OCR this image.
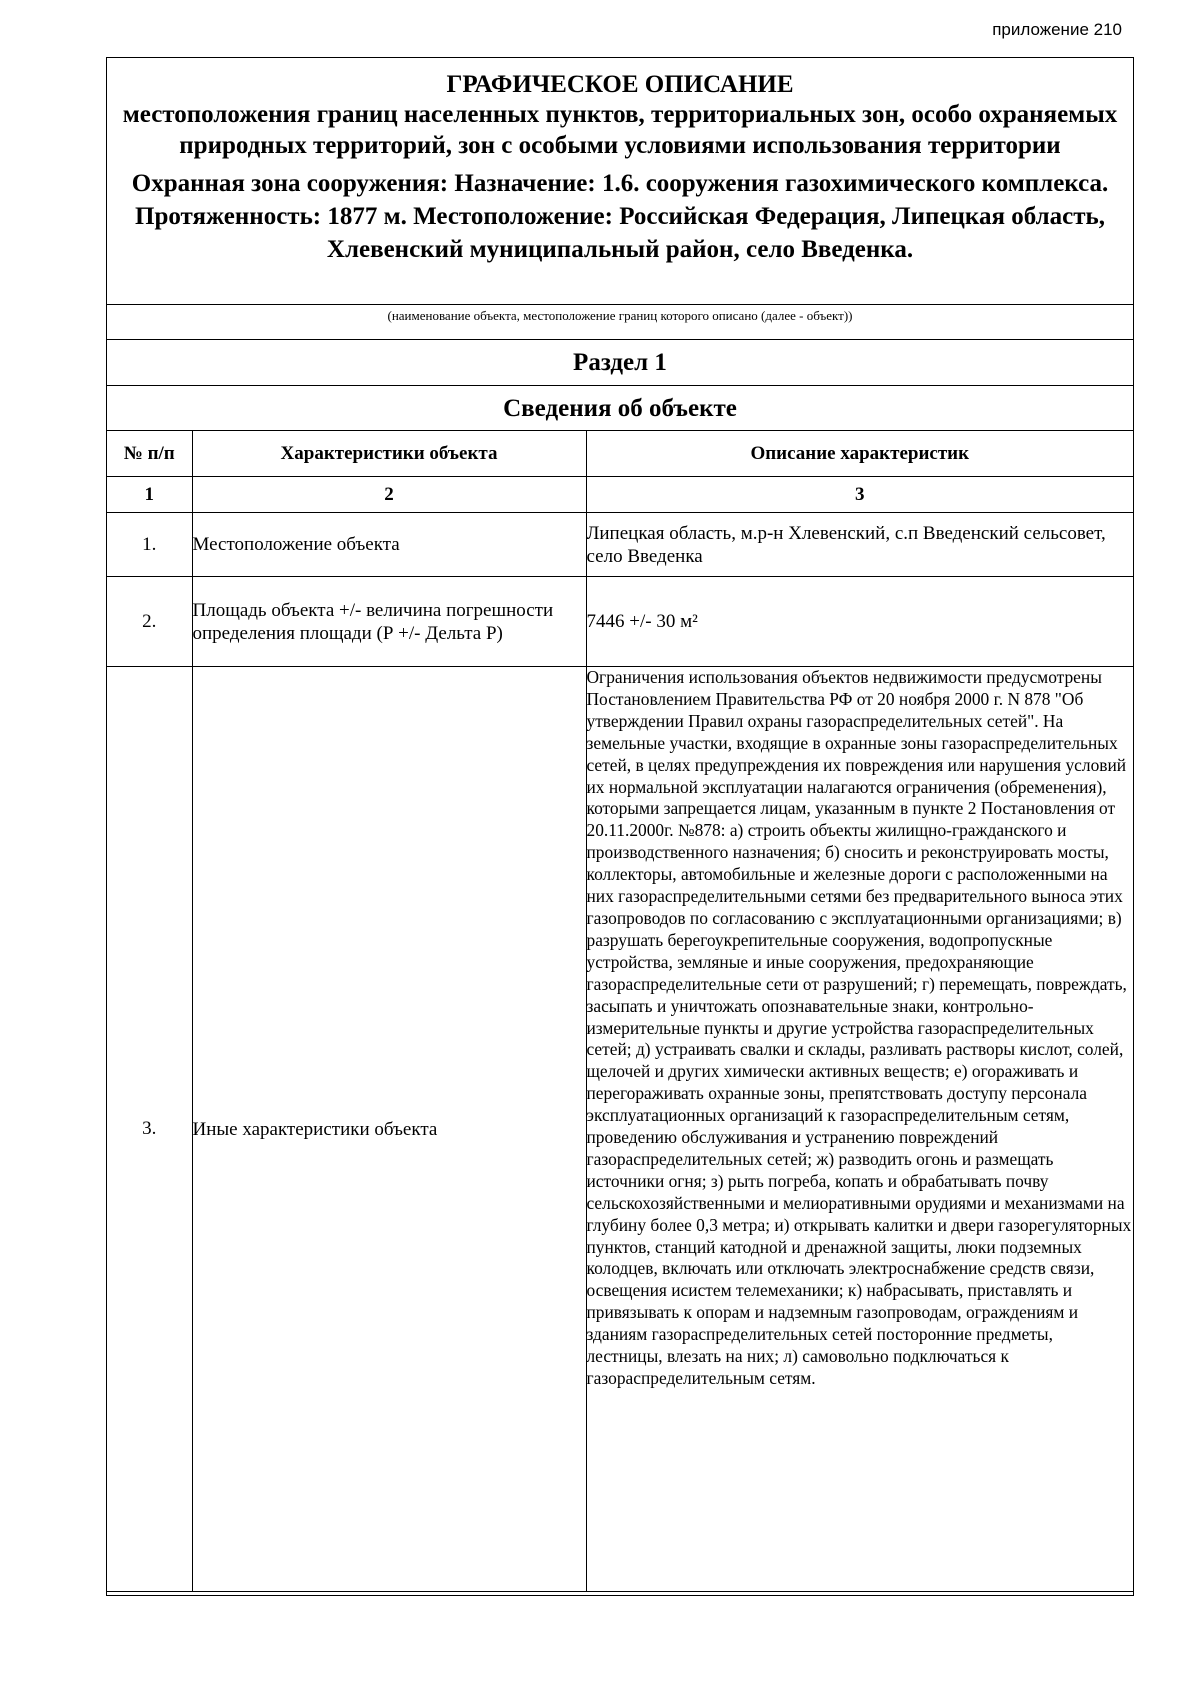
приложение 210
ГРАФИЧЕСКОЕ ОПИСАНИЕ
местоположения границ населенных пунктов, территориальных зон, особо охраняемых природных территорий, зон с особыми условиями использования территории
Охранная зона сооружения: Назначение: 1.6. сооружения газохимического комплекса. Протяженность: 1877 м. Местоположение: Российская Федерация, Липецкая область, Хлевенский муниципальный район, село Введенка.
(наименование объекта, местоположение границ которого описано (далее - объект))
Раздел 1
Сведения об объекте
№ п/п	Характеристики объекта	Описание характеристик
1	2	3
1.	Местоположение объекта	Липецкая область, м.р-н Хлевенский, с.п Введенский сельсовет, село Введенка
2.	Площадь объекта +/- величина погрешности определения площади (Р +/- Дельта Р)	7446 +/- 30 м²
3.	Иные характеристики объекта	Ограничения использования объектов недвижимости предусмотрены Постановлением Правительства РФ от 20 ноября 2000 г. N 878 "Об утверждении Правил охраны газораспределительных сетей". На земельные участки, входящие в охранные зоны газораспределительных сетей, в целях предупреждения их повреждения или нарушения условий их нормальной эксплуатации налагаются ограничения (обременения), которыми запрещается лицам, указанным в пункте 2 Постановления от 20.11.2000г. №878: а) строить объекты жилищно-гражданского и производственного назначения; б) сносить и реконструировать мосты, коллекторы, автомобильные и железные дороги с расположенными на них газораспределительными сетями без предварительного выноса этих газопроводов по согласованию с эксплуатационными организациями; в) разрушать берегоукрепительные сооружения, водопропускные устройства, земляные и иные сооружения, предохраняющие газораспределительные сети от разрушений; г) перемещать, повреждать, засыпать и уничтожать опознавательные знаки, контрольно-измерительные пункты и другие устройства газораспределительных сетей; д) устраивать свалки и склады, разливать растворы кислот, солей, щелочей и других химически активных веществ; е) огораживать и перегораживать охранные зоны, препятствовать доступу персонала эксплуатационных организаций к газораспределительным сетям, проведению обслуживания и устранению повреждений газораспределительных сетей; ж) разводить огонь и размещать источники огня; з) рыть погреба, копать и обрабатывать почву сельскохозяйственными и мелиоративными орудиями и механизмами на глубину более 0,3 метра; и) открывать калитки и двери газорегуляторных пунктов, станций катодной и дренажной защиты, люки подземных колодцев, включать или отключать электроснабжение средств связи, освещения исистем телемеханики; к) набрасывать, приставлять и привязывать к опорам и надземным газопроводам, ограждениям и зданиям газораспределительных сетей посторонние предметы, лестницы, влезать на них; л) самовольно подключаться к газораспределительным сетям.
